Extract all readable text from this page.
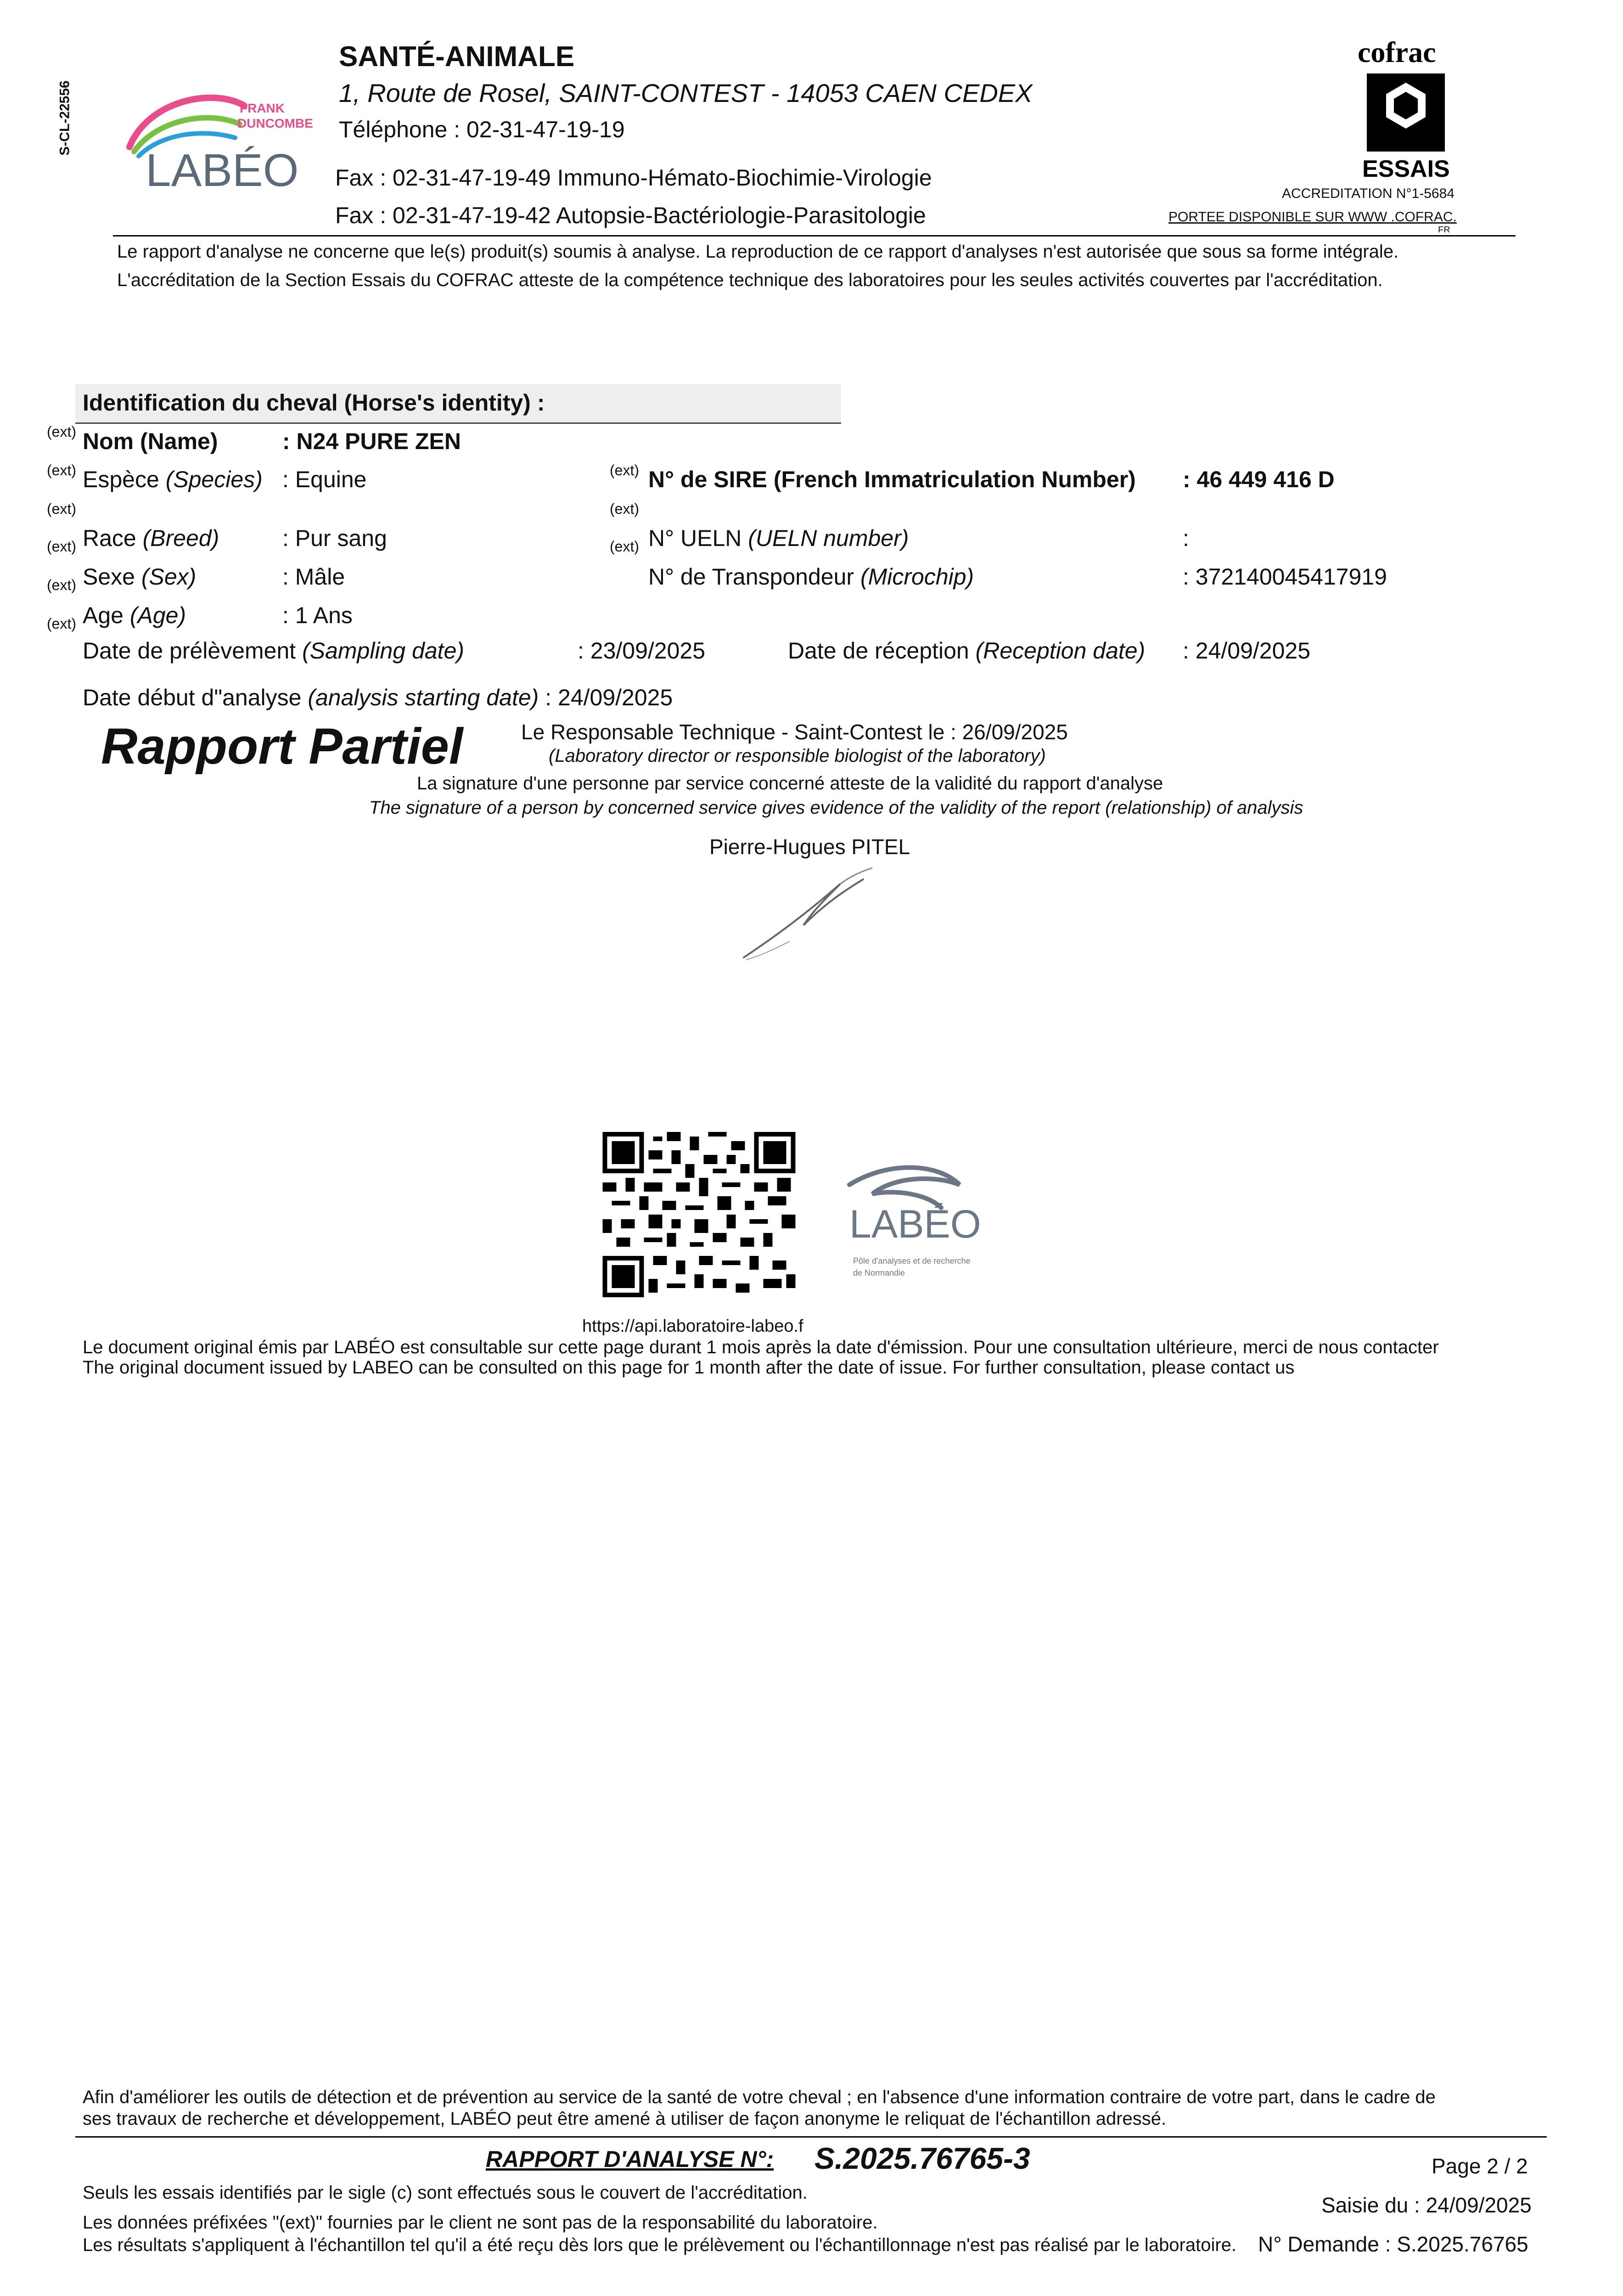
S-CL-22556	FRANK
DUNCOMBE
LABÉO
SANTÉ-ANIMALE
1, Route de Rosel, SAINT-CONTEST - 14053 CAEN CEDEX
Téléphone : 02-31-47-19-19
Fax : 02-31-47-19-49 Immuno-Hémato-Biochimie-Virologie
Fax : 02-31-47-19-42 Autopsie-Bactériologie-Parasitologie
cofrac
ESSAIS
ACCREDITATION N°1-5684
PORTEE DISPONIBLE SUR WWW .COFRAC.
FR
Le rapport d'analyse ne concerne que le(s) produit(s) soumis à analyse. La reproduction de ce rapport d'analyses n'est autorisée que sous sa forme intégrale.
L'accréditation de la Section Essais du COFRAC atteste de la compétence technique des laboratoires pour les seules activités couvertes par l'accréditation.
Identification du cheval (Horse's identity) :
(ext) Nom (Name)	: N24 PURE ZEN
(ext) Espèce (Species) : Equine	(ext) N° de SIRE (French Immatriculation Number) : 46 449 416 D
(ext)	(ext)
(ext) Race (Breed)	: Pur sang	(ext) N° UELN (UELN number)	:
(ext) Sexe (Sex)	: Mâle	N° de Transpondeur (Microchip)	: 372140045417919
(ext) Age (Age)	: 1 Ans
Date de prélèvement (Sampling date)	: 23/09/2025	Date de réception (Reception date) : 24/09/2025
Date début d"analyse (analysis starting date) : 24/09/2025
Rapport Partiel	Le Responsable Technique - Saint-Contest le : 26/09/2025
(Laboratory director or responsible biologist of the laboratory)
La signature d'une personne par service concerné atteste de la validité du rapport d'analyse
The signature of a person by concerned service gives evidence of the validity of the report (relationship) of analysis
Pierre-Hugues PITEL
LABÉO
Pôle d'analyses et de recherche
de Normandie
https://api.laboratoire-labeo.f
Le document original émis par LABÉO est consultable sur cette page durant 1 mois après la date d'émission. Pour une consultation ultérieure, merci de nous contacter
The original document issued by LABEO can be consulted on this page for 1 month after the date of issue. For further consultation, please contact us
Afin d'améliorer les outils de détection et de prévention au service de la santé de votre cheval ; en l'absence d'une information contraire de votre part, dans le cadre de
ses travaux de recherche et développement, LABÉO peut être amené à utiliser de façon anonyme le reliquat de l'échantillon adressé.
RAPPORT D'ANALYSE N°: S.2025.76765-3	Page 2 / 2
Seuls les essais identifiés par le sigle (c) sont effectués sous le couvert de l'accréditation.
Saisie du : 24/09/2025
Les données préfixées "(ext)" fournies par le client ne sont pas de la responsabilité du laboratoire.
Les résultats s'appliquent à l'échantillon tel qu'il a été reçu dès lors que le prélèvement ou l'échantillonnage n'est pas réalisé par le laboratoire. N° Demande : S.2025.76765
